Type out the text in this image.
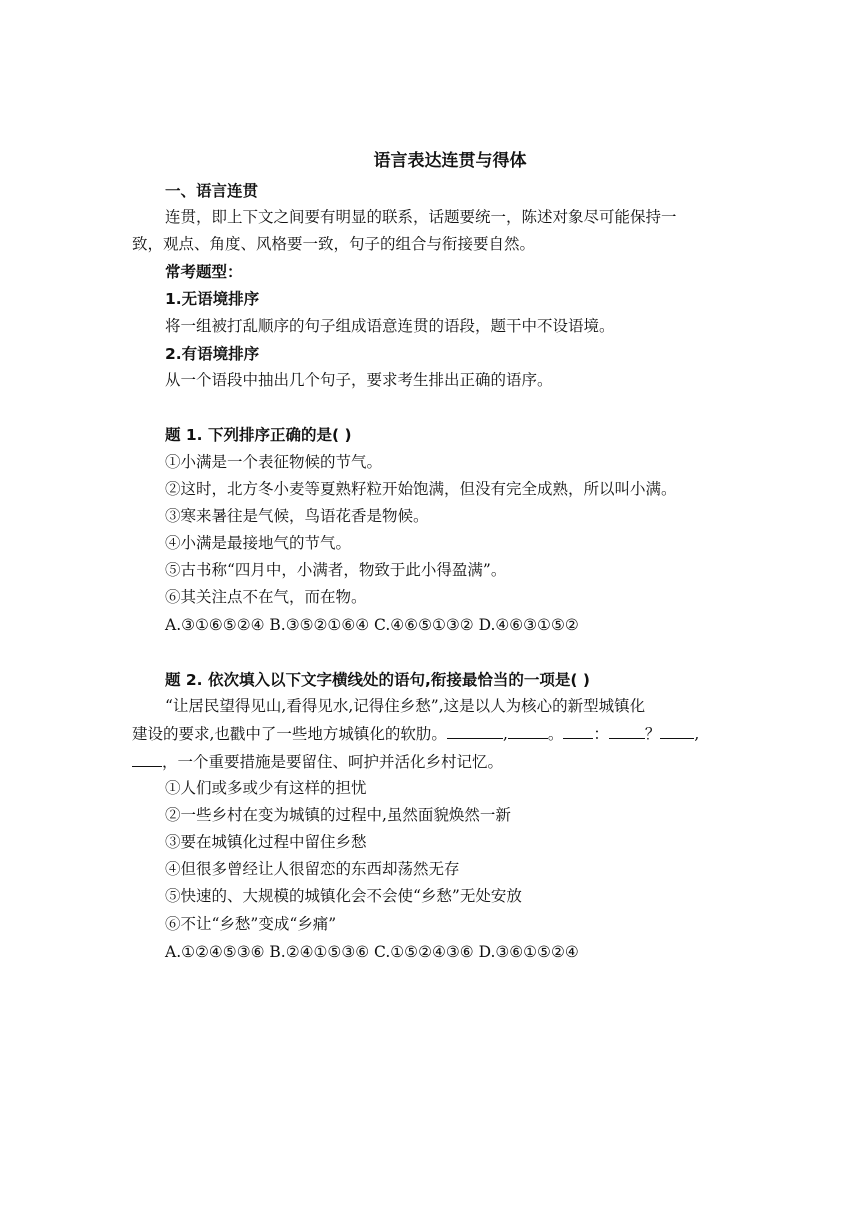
语言表达连贯与得体
一、语言连贯
连贯，即上下文之间要有明显的联系，话题要统一，陈述对象尽可能保持一
致，观点、角度、风格要一致，句子的组合与衔接要自然。
常考题型：
1.无语境排序
将一组被打乱顺序的句子组成语意连贯的语段，题干中不设语境。
2.有语境排序
从一个语段中抽出几个句子，要求考生排出正确的语序。
题 1. 下列排序正确的是( )
①小满是一个表征物候的节气。
②这时，北方冬小麦等夏熟籽粒开始饱满，但没有完全成熟，所以叫小满。
③寒来暑往是气候，鸟语花香是物候。
④小满是最接地气的节气。
⑤古书称“四月中，小满者，物致于此小得盈满”。
⑥其关注点不在气，而在物。
A.③①⑥⑤②④ B.③⑤②①⑥④ C.④⑥⑤①③② D.④⑥③①⑤②
题 2. 依次填入以下文字横线处的语句,衔接最恰当的一项是( )
“让居民望得见山,看得见水,记得住乡愁”,这是以人为核心的新型城镇化
建设的要求,也戳中了一些地方城镇化的软肋。	,	。 ： ？ ,
，一个重要措施是要留住、呵护并活化乡村记忆。
①人们或多或少有这样的担忧
②一些乡村在变为城镇的过程中,虽然面貌焕然一新
③要在城镇化过程中留住乡愁
④但很多曾经让人很留恋的东西却荡然无存
⑤快速的、大规模的城镇化会不会使“乡愁”无处安放
⑥不让“乡愁”变成“乡痛”
A.①②④⑤③⑥ B.②④①⑤③⑥ C.①⑤②④③⑥ D.③⑥①⑤②④
